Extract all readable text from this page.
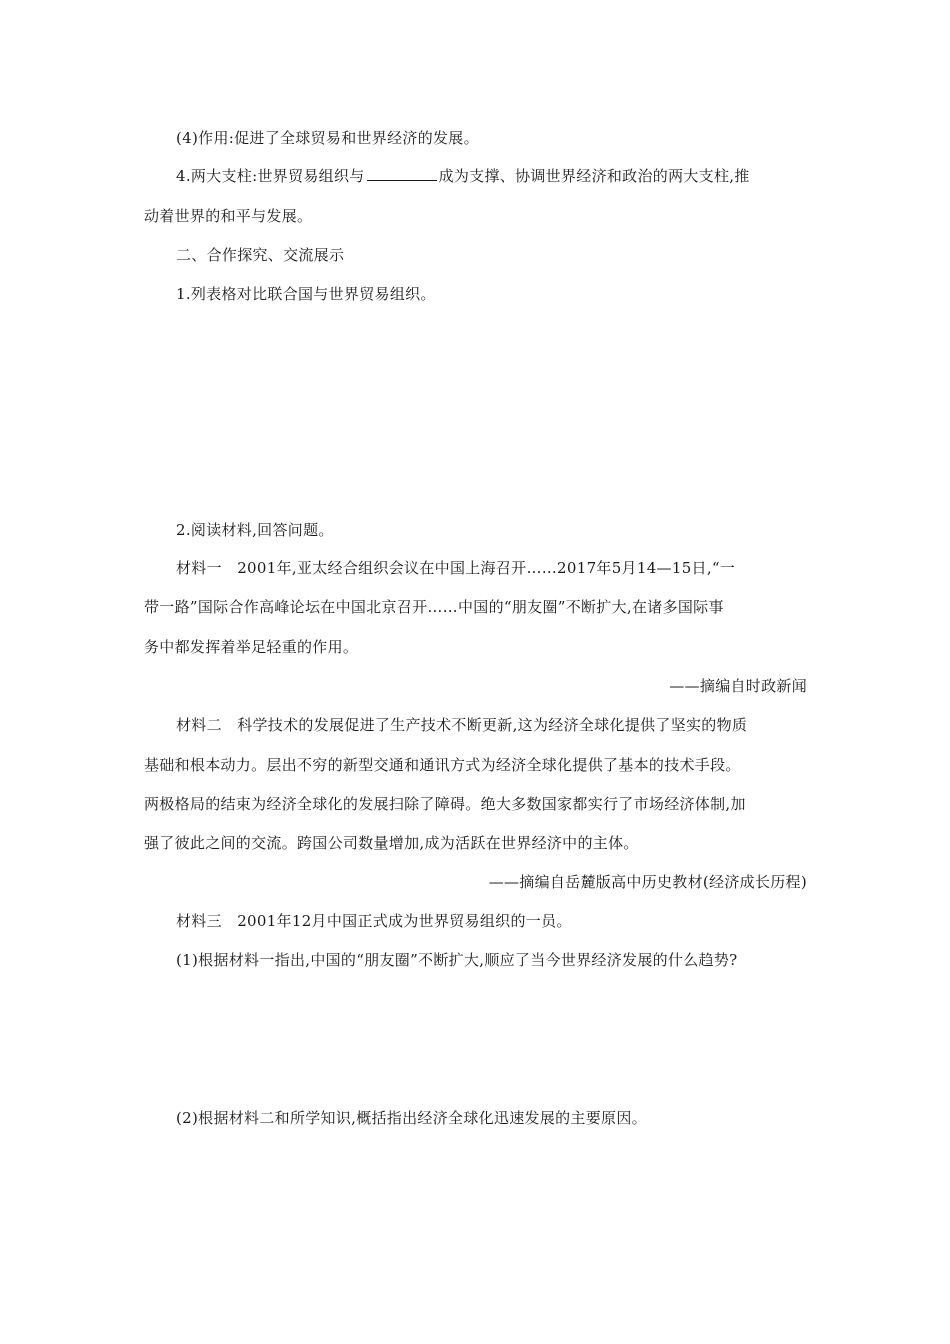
(4)作用:促进了全球贸易和世界经济的发展。
4.两大支柱:世界贸易组织与	成为支撑、协调世界经济和政治的两大支柱,推
动着世界的和平与发展。
二、合作探究、交流展示
1.列表格对比联合国与世界贸易组织。
2.阅读材料,回答问题。
材料一　2001年,亚太经合组织会议在中国上海召开……2017年5月14—15日,“一
带一路”国际合作高峰论坛在中国北京召开……中国的“朋友圈”不断扩大,在诸多国际事
务中都发挥着举足轻重的作用。
——摘编自时政新闻
材料二　科学技术的发展促进了生产技术不断更新,这为经济全球化提供了坚实的物质
基础和根本动力。层出不穷的新型交通和通讯方式为经济全球化提供了基本的技术手段。
两极格局的结束为经济全球化的发展扫除了障碍。绝大多数国家都实行了市场经济体制,加
强了彼此之间的交流。跨国公司数量增加,成为活跃在世界经济中的主体。
——摘编自岳麓版高中历史教材(经济成长历程)
材料三　2001年12月中国正式成为世界贸易组织的一员。
(1)根据材料一指出,中国的“朋友圈”不断扩大,顺应了当今世界经济发展的什么趋势?
(2)根据材料二和所学知识,概括指出经济全球化迅速发展的主要原因。
